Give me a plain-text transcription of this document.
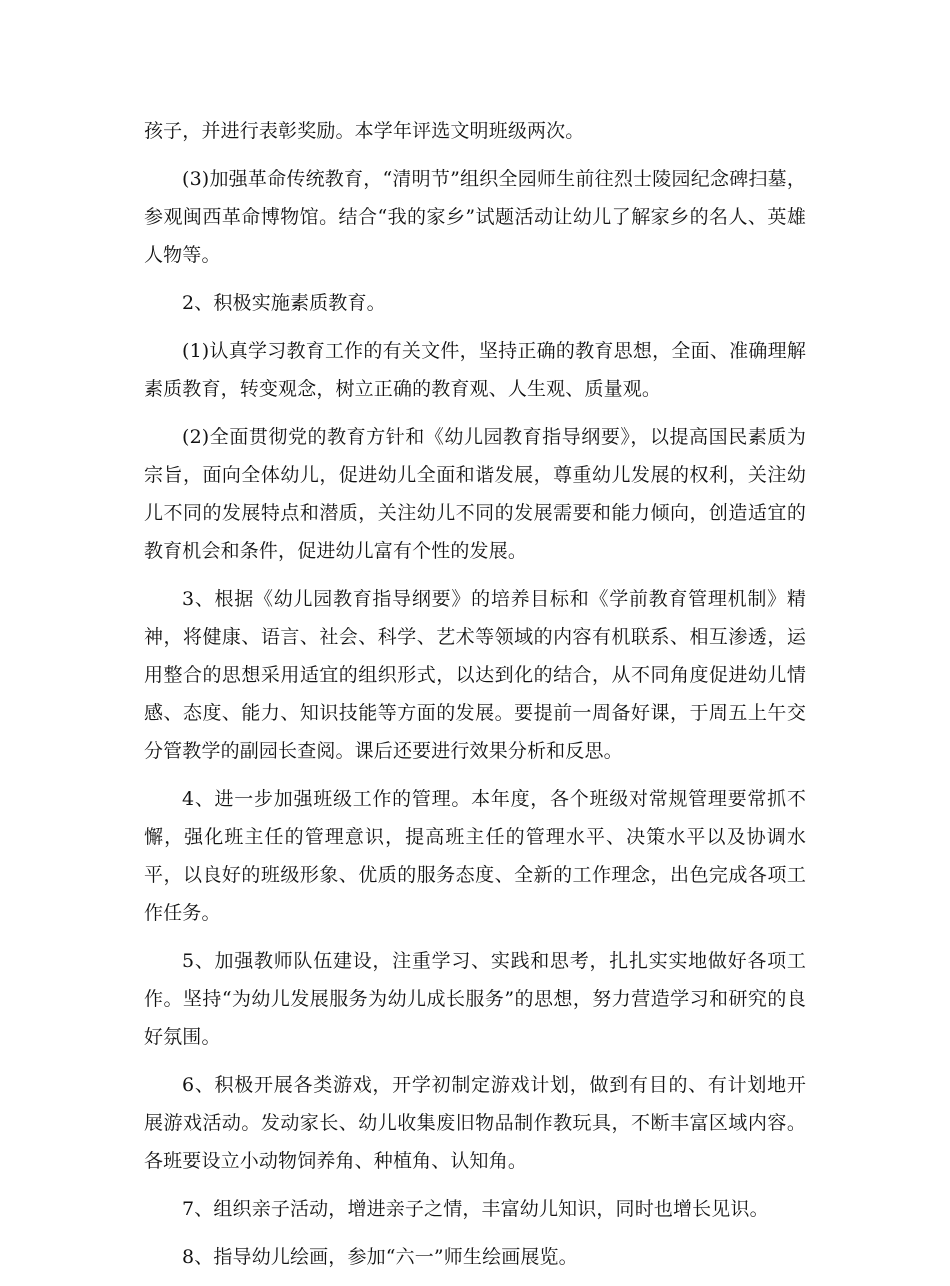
孩子，并进行表彰奖励。本学年评选文明班级两次。

(3)加强革命传统教育，“清明节”组织全园师生前往烈士陵园纪念碑扫墓，参观闽西革命博物馆。结合“我的家乡”试题活动让幼儿了解家乡的名人、英雄人物等。

2、积极实施素质教育。

(1)认真学习教育工作的有关文件，坚持正确的教育思想，全面、准确理解素质教育，转变观念，树立正确的教育观、人生观、质量观。

(2)全面贯彻党的教育方针和《幼儿园教育指导纲要》，以提高国民素质为宗旨，面向全体幼儿，促进幼儿全面和谐发展，尊重幼儿发展的权利，关注幼儿不同的发展特点和潜质，关注幼儿不同的发展需要和能力倾向，创造适宜的教育机会和条件，促进幼儿富有个性的发展。

3、根据《幼儿园教育指导纲要》的培养目标和《学前教育管理机制》精神，将健康、语言、社会、科学、艺术等领域的内容有机联系、相互渗透，运用整合的思想采用适宜的组织形式，以达到化的结合，从不同角度促进幼儿情感、态度、能力、知识技能等方面的发展。要提前一周备好课，于周五上午交分管教学的副园长查阅。课后还要进行效果分析和反思。

4、进一步加强班级工作的管理。本年度，各个班级对常规管理要常抓不懈，强化班主任的管理意识，提高班主任的管理水平、决策水平以及协调水平，以良好的班级形象、优质的服务态度、全新的工作理念，出色完成各项工作任务。

5、加强教师队伍建设，注重学习、实践和思考，扎扎实实地做好各项工作。坚持“为幼儿发展服务为幼儿成长服务”的思想，努力营造学习和研究的良好氛围。

6、积极开展各类游戏，开学初制定游戏计划，做到有目的、有计划地开展游戏活动。发动家长、幼儿收集废旧物品制作教玩具，不断丰富区域内容。各班要设立小动物饲养角、种植角、认知角。

7、组织亲子活动，增进亲子之情，丰富幼儿知识，同时也增长见识。

8、指导幼儿绘画，参加“六一”师生绘画展览。
